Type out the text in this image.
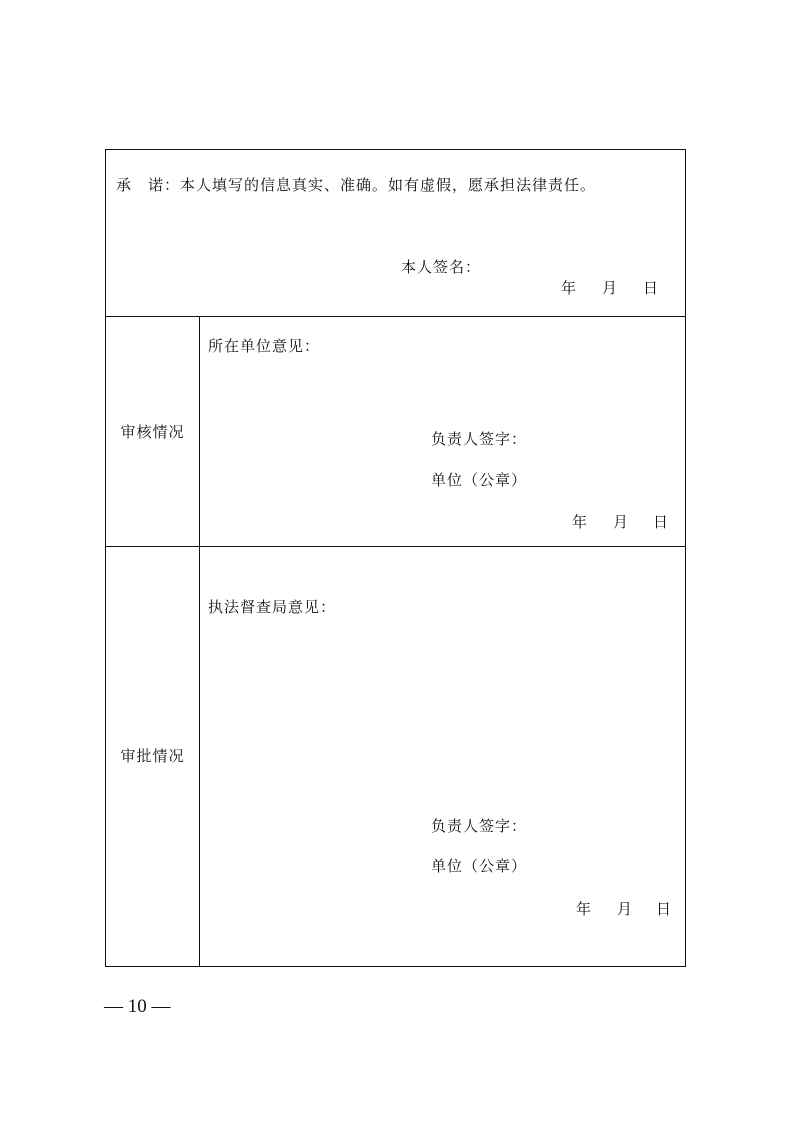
承　诺：本人填写的信息真实、准确。如有虚假，愿承担法律责任。
本人签名：
年 月 日
审核情况
所在单位意见：
负责人签字：
单位（公章）
年 月 日
审批情况
执法督查局意见：
负责人签字：
单位（公章）
年 月 日
— 10 —
